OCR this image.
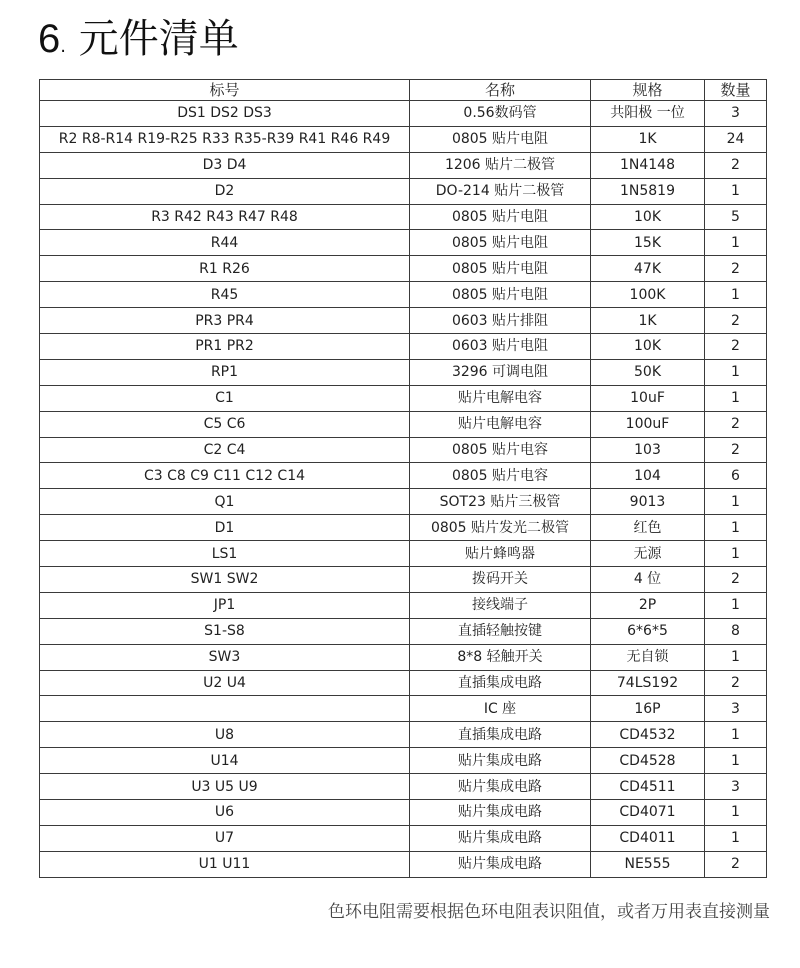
6. 元件清单
标号	名称	规格	数量
DS1 DS2 DS3	0.56数码管	共阳极 一位	3
R2 R8-R14 R19-R25 R33 R35-R39 R41 R46 R49	0805 贴片电阻	1K	24
D3 D4	1206 贴片二极管	1N4148	2
D2	DO-214 贴片二极管	1N5819	1
R3 R42 R43 R47 R48	0805 贴片电阻	10K	5
R44	0805 贴片电阻	15K	1
R1 R26	0805 贴片电阻	47K	2
R45	0805 贴片电阻	100K	1
PR3 PR4	0603 贴片排阻	1K	2
PR1 PR2	0603 贴片电阻	10K	2
RP1	3296 可调电阻	50K	1
C1	贴片电解电容	10uF	1
C5 C6	贴片电解电容	100uF	2
C2 C4	0805 贴片电容	103	2
C3 C8 C9 C11 C12 C14	0805 贴片电容	104	6
Q1	SOT23 贴片三极管	9013	1
D1	0805 贴片发光二极管	红色	1
LS1	贴片蜂鸣器	无源	1
SW1 SW2	拨码开关	4 位	2
JP1	接线端子	2P	1
S1-S8	直插轻触按键	6*6*5	8
SW3	8*8 轻触开关	无自锁	1
U2 U4	直插集成电路	74LS192	2
	IC 座	16P	3
U8	直插集成电路	CD4532	1
U14	贴片集成电路	CD4528	1
U3 U5 U9	贴片集成电路	CD4511	3
U6	贴片集成电路	CD4071	1
U7	贴片集成电路	CD4011	1
U1 U11	贴片集成电路	NE555	2
色环电阻需要根据色环电阻表识阻值，或者万用表直接测量
